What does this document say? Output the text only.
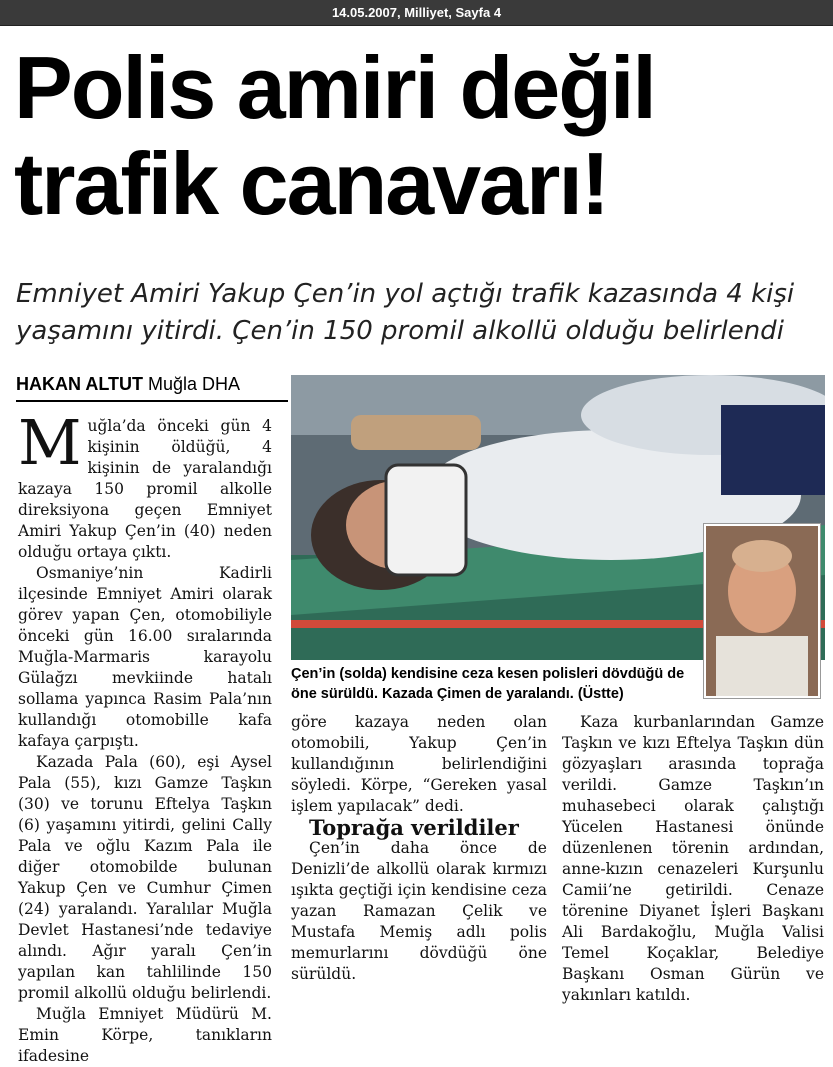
14.05.2007, Milliyet, Sayfa 4
Polis amiri değil
trafik canavarı!

Emniyet Amiri Yakup Çen’in yol açtığı trafik kazasında 4 kişi yaşamını yitirdi. Çen’in 150 promil alkollü olduğu belirlendi

HAKAN ALTUT Muğla DHA

Muğla’da önceki gün 4 kişinin öldüğü, 4 kişinin de yaralandığı kazaya 150 promil alkolle direksiyona geçen Emniyet Amiri Yakup Çen’in (40) neden olduğu ortaya çıktı.

Osmaniye’nin Kadirli ilçesinde Emniyet Amiri olarak görev yapan Çen, otomobiliyle önceki gün 16.00 sıralarında Muğla-Marmaris karayolu Gülağzı mevkiinde hatalı sollama yapınca Rasim Pala’nın kullandığı otomobille kafa kafaya çarpıştı.

Kazada Pala (60), eşi Aysel Pala (55), kızı Gamze Taşkın (30) ve torunu Eftelya Taşkın (6) yaşamını yitirdi, gelini Cally Pala ve oğlu Kazım Pala ile diğer otomobilde bulunan Yakup Çen ve Cumhur Çimen (24) yaralandı. Yaralılar Muğla Devlet Hastanesi’nde tedaviye alındı. Ağır yaralı Çen’in yapılan kan tahlilinde 150 promil alkollü olduğu belirlendi.

Muğla Emniyet Müdürü M. Emin Körpe, tanıkların ifadesine

Çen’in (solda) kendisine ceza kesen polisleri dövdüğü de öne sürüldü. Kazada Çimen de yaralandı. (Üstte)

göre kazaya neden olan otomobili, Yakup Çen’in kullandığının belirlendiğini söyledi. Körpe, “Gereken yasal işlem yapılacak” dedi.

Toprağa verildiler

Çen’in daha önce de Denizli’de alkollü olarak kırmızı ışıkta geçtiği için kendisine ceza yazan Ramazan Çelik ve Mustafa Memiş adlı polis memurlarını dövdüğü öne sürüldü.

Kaza kurbanlarından Gamze Taşkın ve kızı Eftelya Taşkın dün gözyaşları arasında toprağa verildi. Gamze Taşkın’ın muhasebeci olarak çalıştığı Yücelen Hastanesi önünde düzenlenen törenin ardından, anne-kızın cenazeleri Kurşunlu Camii’ne getirildi. Cenaze törenine Diyanet İşleri Başkanı Ali Bardakoğlu, Muğla Valisi Temel Koçaklar, Belediye Başkanı Osman Gürün ve yakınları katıldı.
